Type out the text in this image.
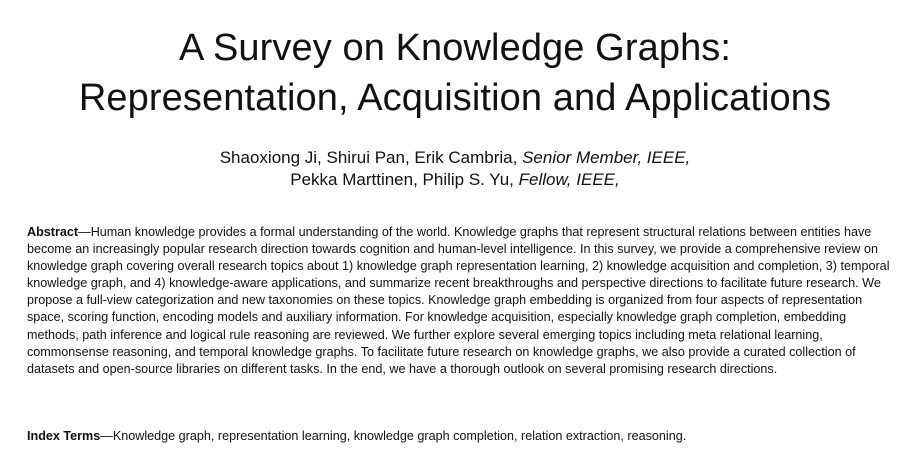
A Survey on Knowledge Graphs:
Representation, Acquisition and Applications
Shaoxiong Ji, Shirui Pan, Erik Cambria, Senior Member, IEEE,
Pekka Marttinen, Philip S. Yu, Fellow, IEEE,

Abstract—Human knowledge provides a formal understanding of the world. Knowledge graphs that represent structural relations between entities have become an increasingly popular research direction towards cognition and human-level intelligence. In this survey, we provide a comprehensive review on knowledge graph covering overall research topics about 1) knowledge graph representation learning, 2) knowledge acquisition and completion, 3) temporal knowledge graph, and 4) knowledge-aware applications, and summarize recent breakthroughs and perspective directions to facilitate future research. We propose a full-view categorization and new taxonomies on these topics. Knowledge graph embedding is organized from four aspects of representation space, scoring function, encoding models and auxiliary information. For knowledge acquisition, especially knowledge graph completion, embedding methods, path inference and logical rule reasoning are reviewed. We further explore several emerging topics including meta relational learning, commonsense reasoning, and temporal knowledge graphs. To facilitate future research on knowledge graphs, we also provide a curated collection of datasets and open-source libraries on different tasks. In the end, we have a thorough outlook on several promising research directions.

Index Terms—Knowledge graph, representation learning, knowledge graph completion, relation extraction, reasoning.
